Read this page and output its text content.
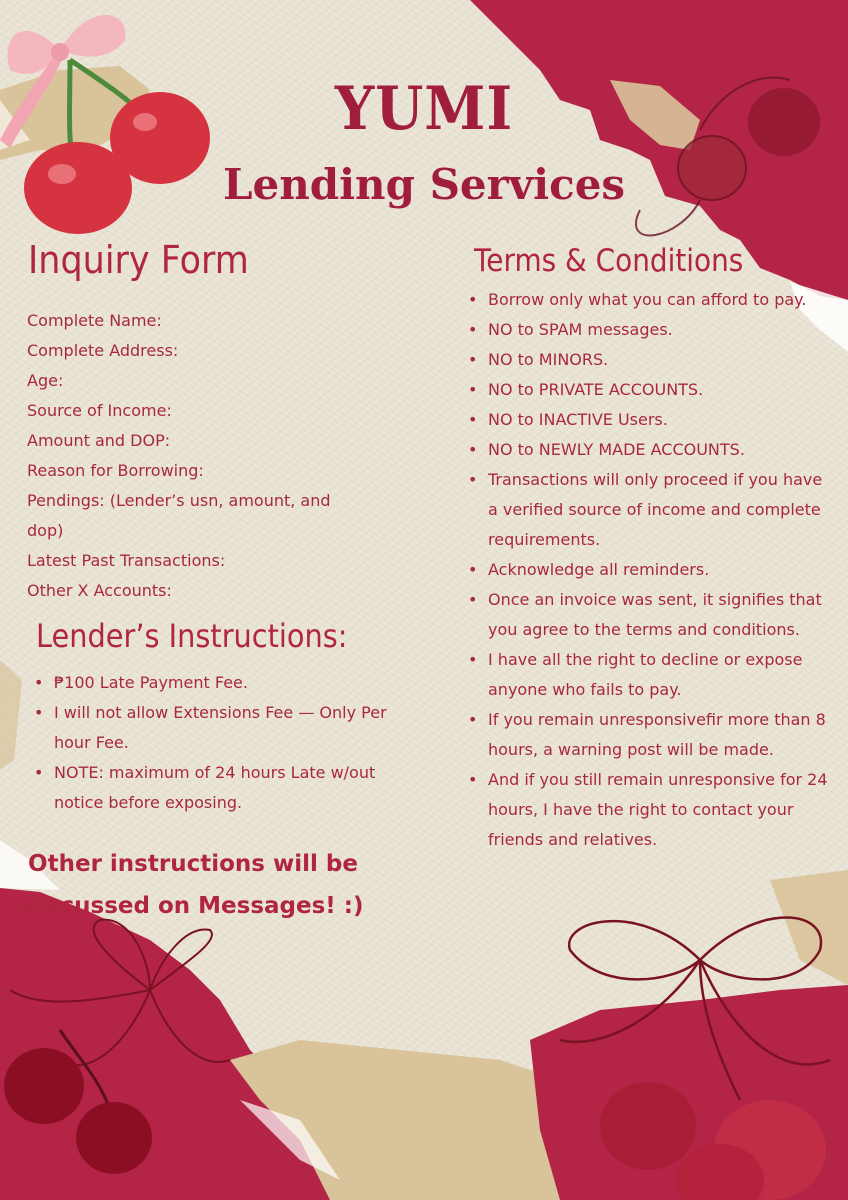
YUMI
Lending Services
Inquiry Form
Complete Name:
Complete Address:
Age:
Source of Income:
Amount and DOP:
Reason for Borrowing:
Pendings: (Lender’s usn, amount, and dop)
Latest Past Transactions:
Other X Accounts:
Lender’s Instructions:
• ₱100 Late Payment Fee.
• I will not allow Extensions Fee — Only Per hour Fee.
• NOTE: maximum of 24 hours Late w/out notice before exposing.
Other instructions will be
discussed on Messages! :)
Terms & Conditions
• Borrow only what you can afford to pay.
• NO to SPAM messages.
• NO to MINORS.
• NO to PRIVATE ACCOUNTS.
• NO to INACTIVE Users.
• NO to NEWLY MADE ACCOUNTS.
• Transactions will only proceed if you have a verified source of income and complete requirements.
• Acknowledge all reminders.
• Once an invoice was sent, it signifies that you agree to the terms and conditions.
• I have all the right to decline or expose anyone who fails to pay.
• If you remain unresponsivefir more than 8 hours, a warning post will be made.
• And if you still remain unresponsive for 24 hours, I have the right to contact your friends and relatives.
